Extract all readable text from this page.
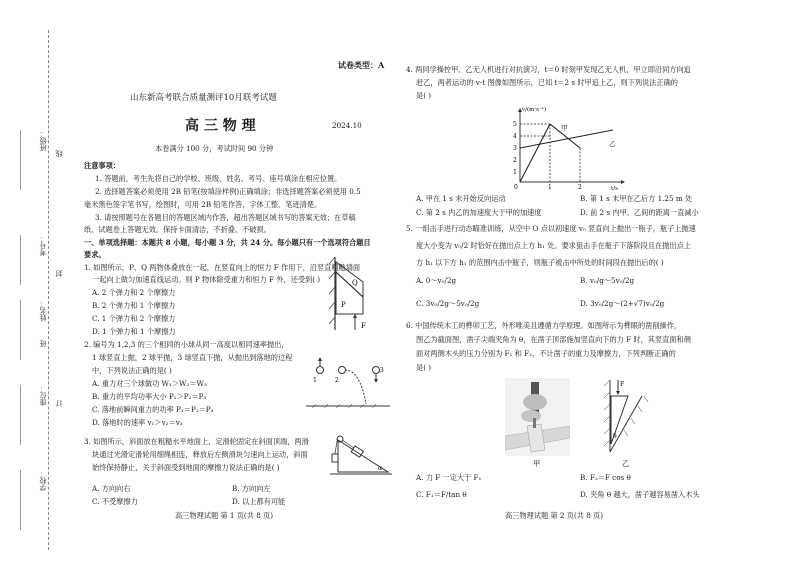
班级：
考号：
姓名：
班
座位：
学校：
线
封
订
试卷类型：A
山东新高考联合质量测评10月联考试题
高 三 物 理	2024.10
本卷满分 100 分，考试时间 90 分钟
注意事项：
1. 答题前，考生先将自己的学校、班级、姓名、考号、座号填涂在相应位置。
2. 选择题答案必须使用 2B 铅笔(按填涂样例)正确填涂；非选择题答案必须使用 0.5
毫米黑色签字笔书写，绘图时，可用 2B 铅笔作答，字体工整、笔迹清楚。
3. 请按照题号在各题目的答题区域内作答，超出答题区域书写的答案无效；在草稿
纸、试题卷上答题无效。保持卡面清洁，不折叠、不破损。
一、单项选择题：本题共 8 小题，每小题 3 分，共 24 分。每小题只有一个选项符合题目
要求。
1. 如图所示，P、Q 两物体叠放在一起，在竖直向上的恒力 F 作用下，沿竖直粗糙墙面
一起向上做匀加速直线运动。则 P 物体除受重力和恒力 F 外，还受到( )
A. 2 个弹力和 2 个摩擦力
B. 2 个弹力和 1 个摩擦力
C. 1 个弹力和 2 个摩擦力
D. 1 个弹力和 1 个摩擦力
Q
P
F
2. 编号为 1,2,3 的三个相同的小球从同一高度以相同速率抛出，
1 球竖直上抛，2 球平抛，3 球竖直下抛，从抛出到落地的过程
中，下列说法正确的是( )
A. 重力对三个球做功 W₁＞W₂＝W₃
B. 重力的平均功率大小 P₁＞P₂＝P₃
C. 落地前瞬间重力的功率 P₁＝P₂＝P₃
D. 落地时的速率 v₁＞v₂＝v₃
1	2
3
3. 如图所示，斜面放在粗糙水平地面上，定滑轮固定在斜面顶端，两滑
块通过光滑定滑轮用细绳相连，释放后左侧滑块匀速向上运动，斜面
始终保持静止，关于斜面受到地面的摩擦力说法正确的是( )
A. 方向向右	B. 方向向左
C. 不受摩擦力	D. 以上都有可能
α
4. 两同学操控甲、乙无人机进行对抗演习，t＝0 时刻甲发现乙无人机，甲立即沿同方向追
赶乙，两者运动的 v-t 图像如图所示，已知 t＝2 s 时甲追上乙，则下列说法正确的
是( )
v/(m·s⁻¹)
t/s
5
4
3
2
1
0	1	2
甲
乙
A. 甲在 1 s 末开始反向运动	B. 第 1 s 末甲在乙后方 1.25 m 处
C. 第 2 s 内乙的加速度大于甲的加速度	D. 前 2 s 内甲、乙间的距离一直减小
5. 一组击手进行动态瞄准训练，从空中 O 点以初速度 v₀ 竖直向上抛出一瓶子，瓶子上抛速
度大小变为 v₀/2 时恰好在抛出点上方 h₁ 处。要求狙击手在瓶子下落阶段且在抛出点上
方 h₁ 以下方 h₁ 的范围内击中瓶子，则瓶子被击中所处的时间段在抛出后的( )
A. 0～v₀/2g	B. v₀/g～5v₀/2g
C. 3v₀/2g～5v₀/2g	D. 3v₀/2g～(2+√7)v₀/2g
6. 中国传统木工的榫卯工艺，外形唯美且遵循力学原理。如图所示为榫眼的凿削操作，
图乙为截面图，凿子尖端夹角为 θ，在凿子顶部施加竖直向下的力 F 时，其竖直面和侧
面对两侧木头的压力分别为 F₁ 和 F₂，不计凿子的重力及摩擦力，下列判断正确的
是( )
F
θ
甲	乙
A. 力 F 一定大于 F₁	B. F₂＝F cos θ
C. F₁＝F/tan θ	D. 夹角 θ 越大，凿子越容易凿入木头
高三物理试题 第 1 页(共 8 页)	高三物理试题 第 2 页(共 8 页)
